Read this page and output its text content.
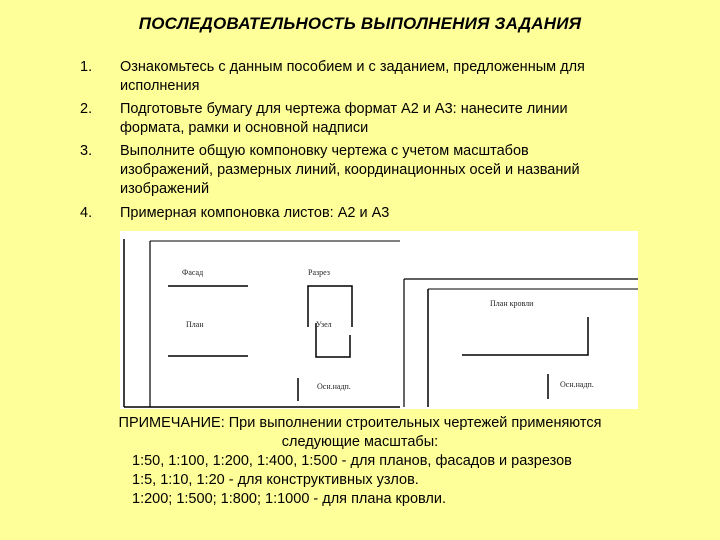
ПОСЛЕДОВАТЕЛЬНОСТЬ ВЫПОЛНЕНИЯ ЗАДАНИЯ
1. Ознакомьтесь с данным пособием и с заданием, предложенным для
исполнения
2. Подготовьте бумагу для чертежа формат А2 и А3: нанесите линии
формата, рамки и основной надписи
3. Выполните общую компоновку чертежа с учетом масштабов
изображений, размерных линий, координационных осей и названий
изображений
4. Примерная компоновка листов: А2 и А3
Фасад	Разрез
План	Узел
Осн.надп.
План кровли
Осн.надп.
ПРИМЕЧАНИЕ: При выполнении строительных чертежей применяются
следующие масштабы:
1:50, 1:100, 1:200, 1:400, 1:500 - для планов, фасадов и разрезов
1:5, 1:10, 1:20 - для конструктивных узлов.
1:200; 1:500; 1:800; 1:1000 - для плана кровли.
